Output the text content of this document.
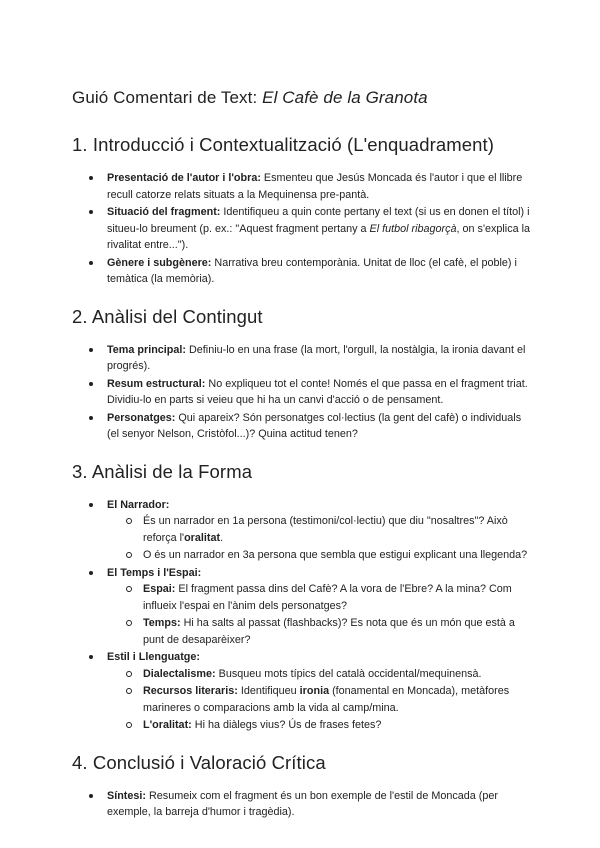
Guió Comentari de Text: El Cafè de la Granota
1. Introducció i Contextualització (L'enquadrament)
Presentació de l'autor i l'obra: Esmenteu que Jesús Moncada és l'autor i que el llibre recull catorze relats situats a la Mequinensa pre-pantà.
Situació del fragment: Identifiqueu a quin conte pertany el text (si us en donen el títol) i situeu-lo breument (p. ex.: "Aquest fragment pertany a El futbol ribagorçà, on s'explica la rivalitat entre...").
Gènere i subgènere: Narrativa breu contemporània. Unitat de lloc (el cafè, el poble) i temàtica (la memòria).
2. Anàlisi del Contingut
Tema principal: Definiu-lo en una frase (la mort, l'orgull, la nostàlgia, la ironia davant el progrés).
Resum estructural: No expliqueu tot el conte! Només el que passa en el fragment triat. Dividiu-lo en parts si veieu que hi ha un canvi d'acció o de pensament.
Personatges: Qui apareix? Són personatges col·lectius (la gent del cafè) o individuals (el senyor Nelson, Cristòfol...)? Quina actitud tenen?
3. Anàlisi de la Forma
El Narrador:
És un narrador en 1a persona (testimoni/col·lectiu) que diu "nosaltres"? Això reforça l'oralitat.
O és un narrador en 3a persona que sembla que estigui explicant una llegenda?
El Temps i l'Espai:
Espai: El fragment passa dins del Cafè? A la vora de l'Ebre? A la mina? Com influeix l'espai en l'ànim dels personatges?
Temps: Hi ha salts al passat (flashbacks)? Es nota que és un món que està a punt de desaparèixer?
Estil i Llenguatge:
Dialectalisme: Busqueu mots típics del català occidental/mequinensà.
Recursos literaris: Identifiqueu ironia (fonamental en Moncada), metàfores marineres o comparacions amb la vida al camp/mina.
L'oralitat: Hi ha diàlegs vius? Ús de frases fetes?
4. Conclusió i Valoració Crítica
Síntesi: Resumeix com el fragment és un bon exemple de l'estil de Moncada (per exemple, la barreja d'humor i tragèdia).
